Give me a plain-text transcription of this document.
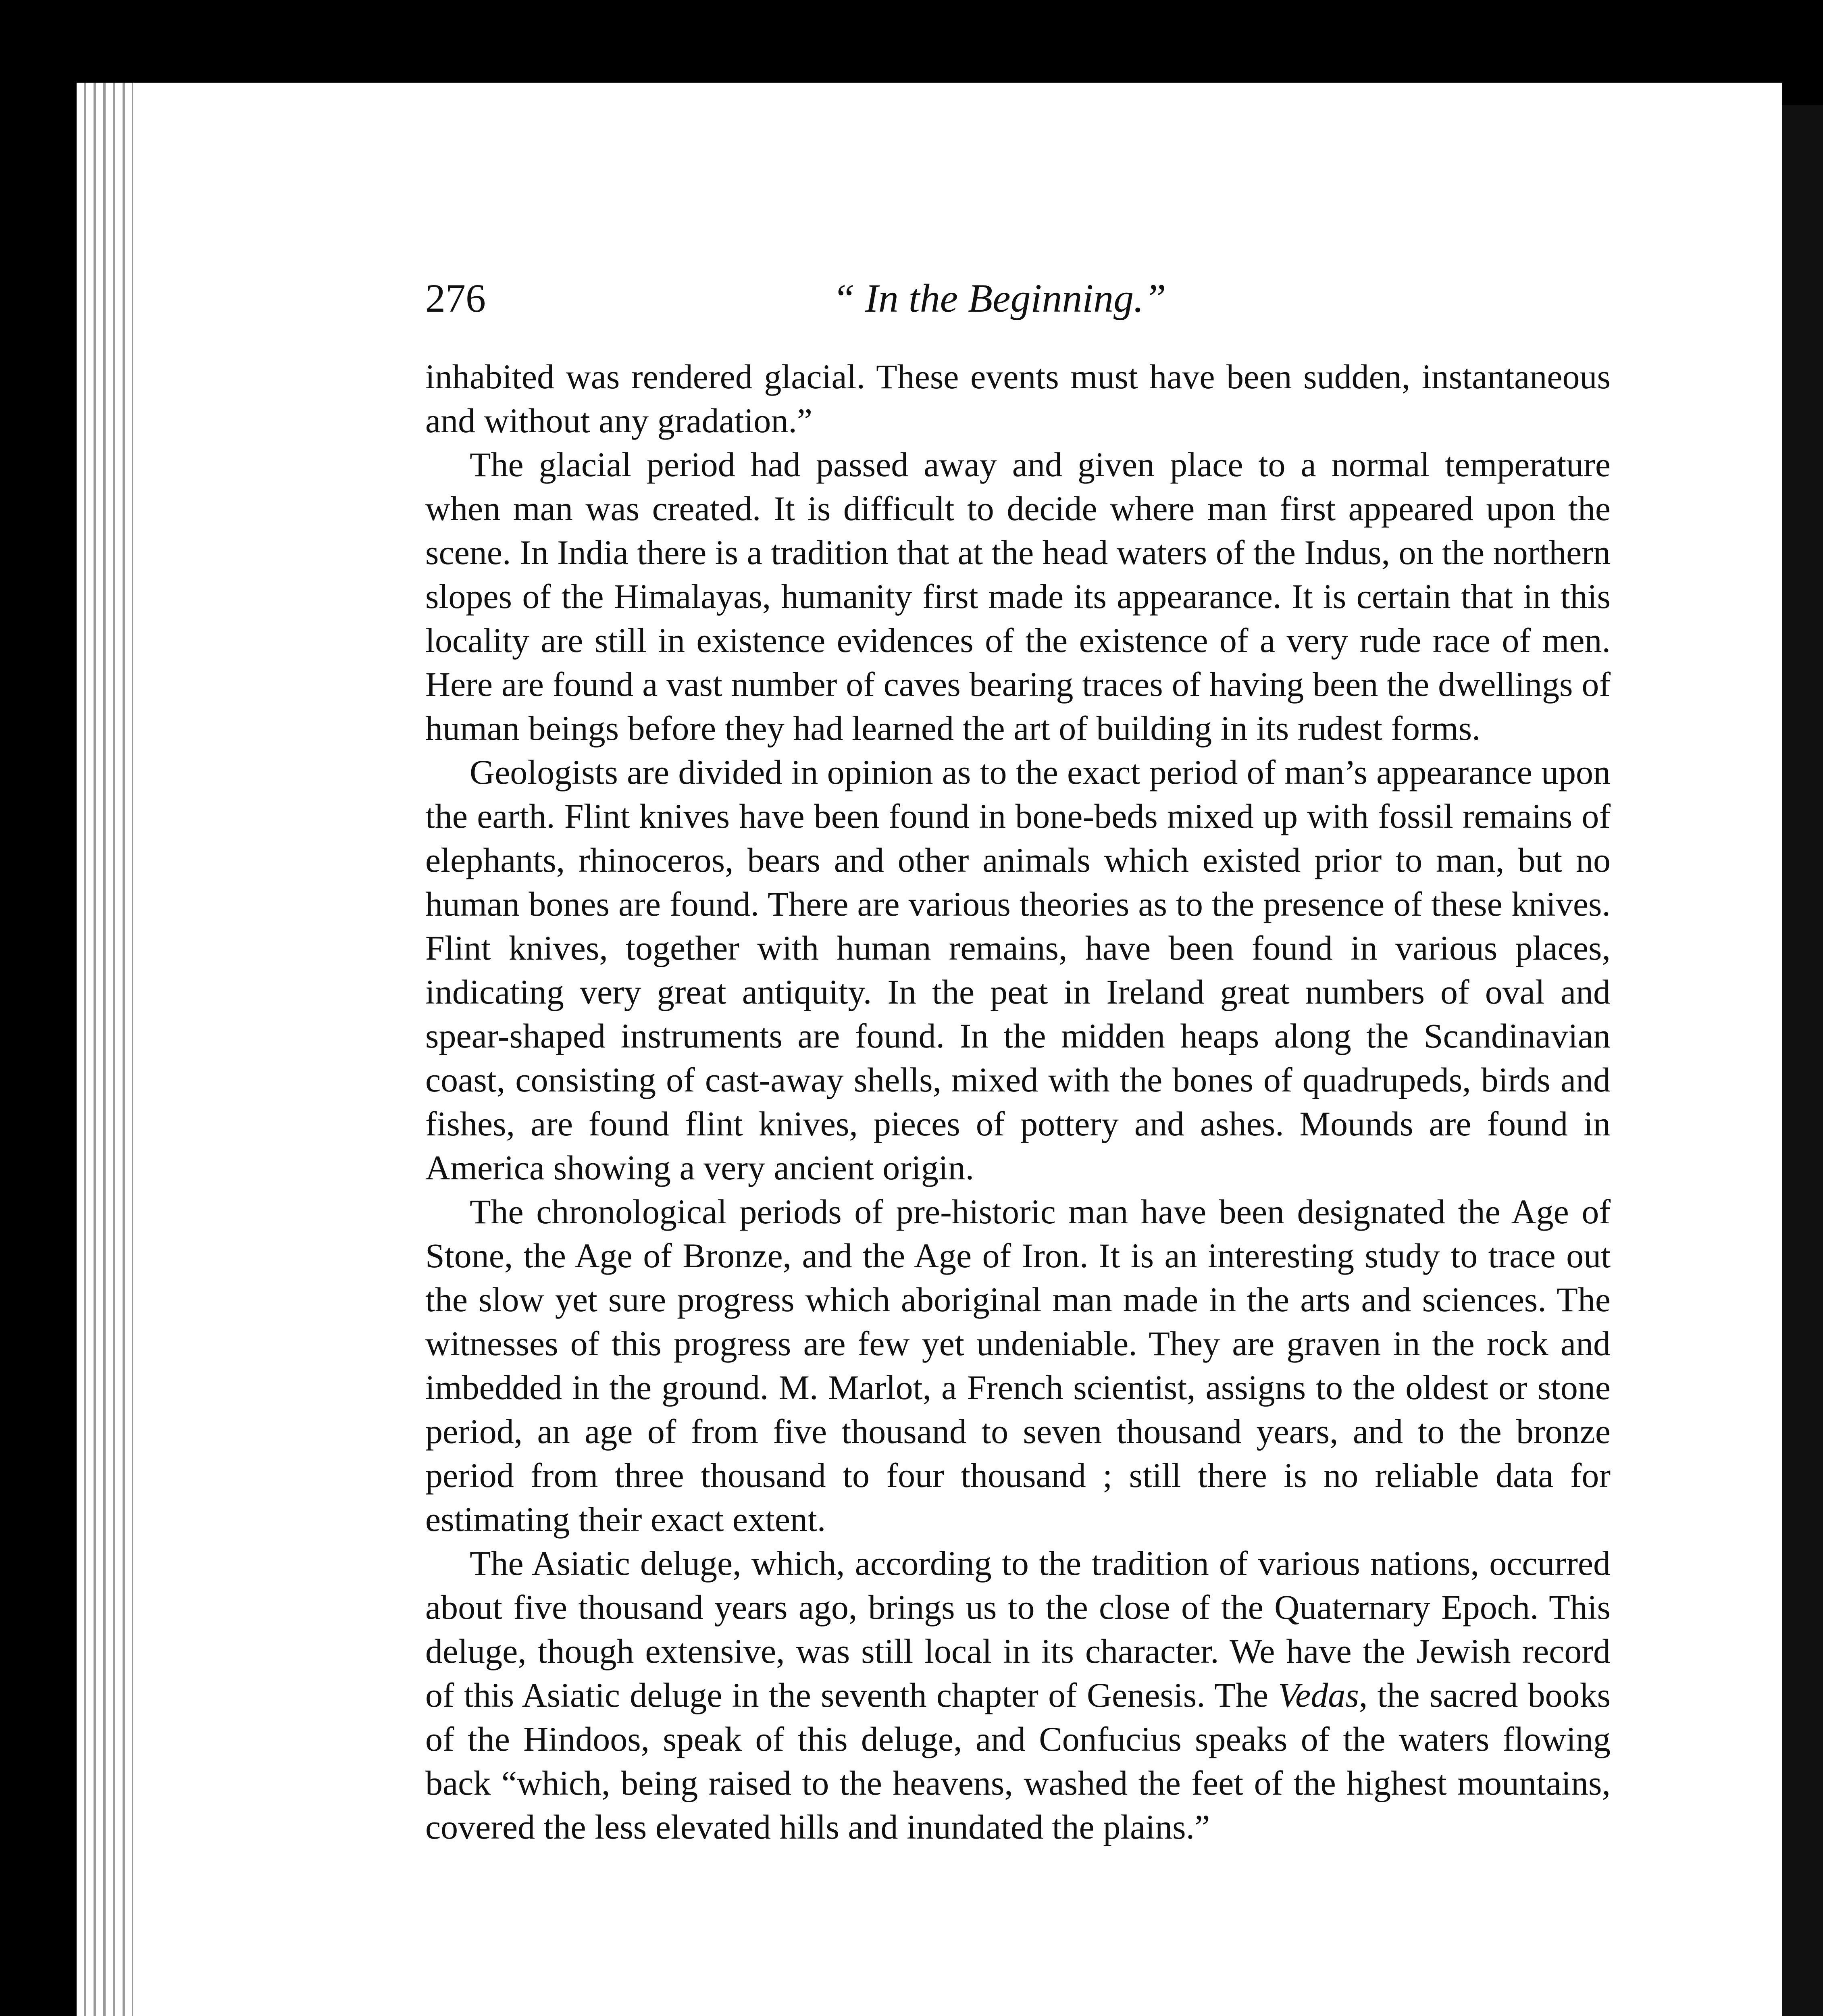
276	“ In the Beginning.”

inhabited was rendered glacial. These events must have been sudden, instantaneous and without any gradation.”

The glacial period had passed away and given place to a normal temperature when man was created. It is difficult to decide where man first appeared upon the scene. In India there is a tradition that at the head waters of the Indus, on the northern slopes of the Himalayas, humanity first made its appearance. It is certain that in this locality are still in existence evidences of the existence of a very rude race of men. Here are found a vast number of caves bearing traces of having been the dwellings of human beings before they had learned the art of building in its rudest forms.

Geologists are divided in opinion as to the exact period of man’s appearance upon the earth. Flint knives have been found in bone-beds mixed up with fossil remains of elephants, rhinoceros, bears and other animals which existed prior to man, but no human bones are found. There are various theories as to the presence of these knives. Flint knives, together with human remains, have been found in various places, indicating very great antiquity. In the peat in Ireland great numbers of oval and spear-shaped instruments are found. In the midden heaps along the Scandinavian coast, consisting of cast-away shells, mixed with the bones of quadrupeds, birds and fishes, are found flint knives, pieces of pottery and ashes. Mounds are found in America showing a very ancient origin.

The chronological periods of pre-historic man have been designated the Age of Stone, the Age of Bronze, and the Age of Iron. It is an interesting study to trace out the slow yet sure progress which aboriginal man made in the arts and sciences. The witnesses of this progress are few yet undeniable. They are graven in the rock and imbedded in the ground. M. Marlot, a French scientist, assigns to the oldest or stone period, an age of from five thousand to seven thousand years, and to the bronze period from three thousand to four thousand ; still there is no reliable data for estimating their exact extent.

The Asiatic deluge, which, according to the tradition of various nations, occurred about five thousand years ago, brings us to the close of the Quaternary Epoch. This deluge, though extensive, was still local in its character. We have the Jewish record of this Asiatic deluge in the seventh chapter of Genesis. The Vedas, the sacred books of the Hindoos, speak of this deluge, and Confucius speaks of the waters flowing back “which, being raised to the heavens, washed the feet of the highest mountains, covered the less elevated hills and inundated the plains.”
